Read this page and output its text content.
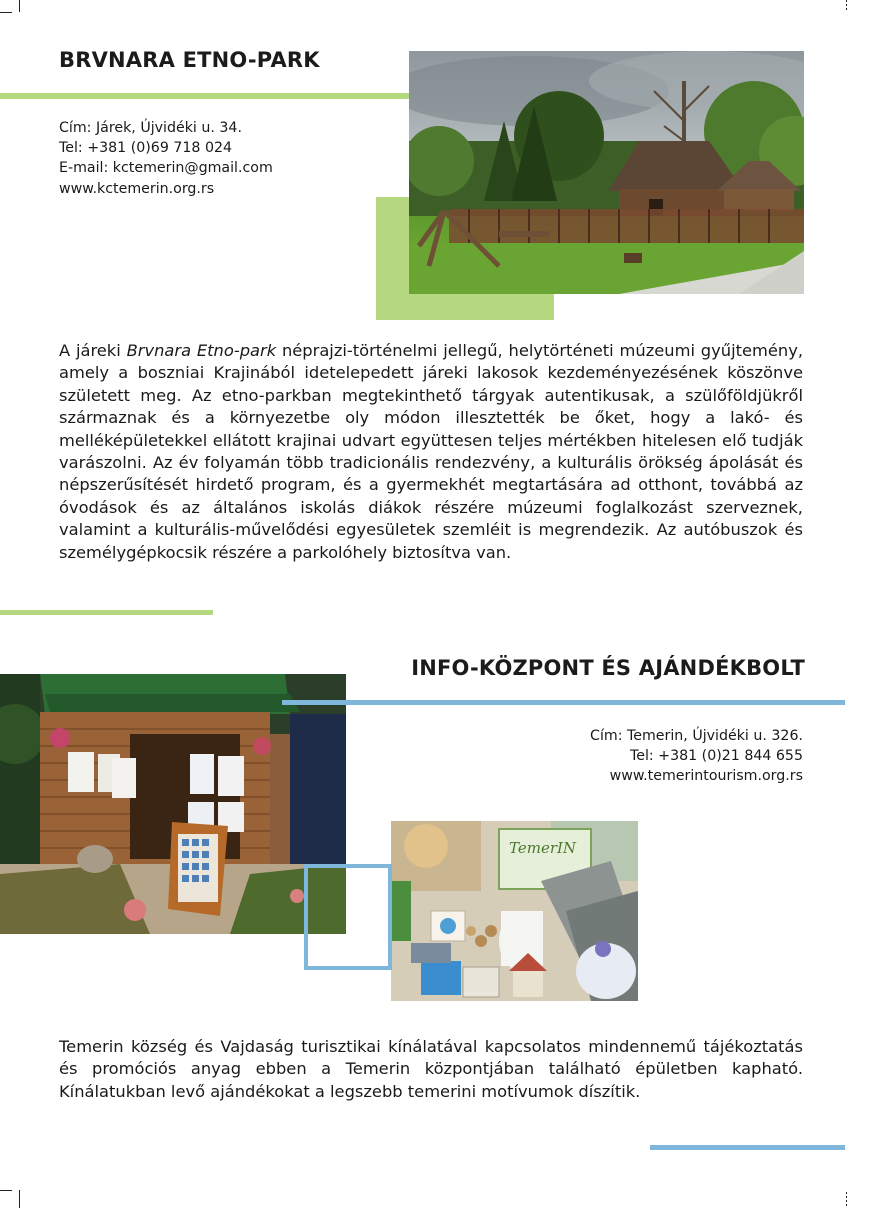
BRVNARA ETNO-PARK
Cím: Járek, Újvidéki u. 34.
Tel: +381 (0)69 718 024
E-mail: kctemerin@gmail.com
www.kctemerin.org.rs

A járeki Brvnara Etno-park néprajzi-történelmi jellegű, helytörténeti múzeumi gyűjtemény, amely a boszniai Krajinából idetelepedett járeki lakosok kezdeményezésének köszönve született meg. Az etno-parkban megtekinthető tárgyak autentikusak, a szülőföldjükről származnak és a környezetbe oly módon illesztették be őket, hogy a lakó- és melléképületekkel ellátott krajinai udvart együttesen teljes mértékben hitelesen elő tudják varászolni. Az év folyamán több tradicionális rendezvény, a kulturális örökség ápolását és népszerűsítését hirdető program, és a gyermekhét megtartására ad otthont, továbbá az óvodások és az általános iskolás diákok részére múzeumi foglalkozást szerveznek, valamint a kulturális-művelődési egyesületek szemléit is megrendezik. Az autóbuszok és személygépkocsik részére a parkolóhely biztosítva van.

INFO-KÖZPONT ÉS AJÁNDÉKBOLT
Cím: Temerin, Újvidéki u. 326.
Tel: +381 (0)21 844 655
www.temerintourism.org.rs
TemerIN

Temerin község és Vajdaság turisztikai kínálatával kapcsolatos mindennemű tájékoztatás és promóciós anyag ebben a Temerin központjában található épületben kapható. Kínálatukban levő ajándékokat a legszebb temerini motívumok díszítik.
